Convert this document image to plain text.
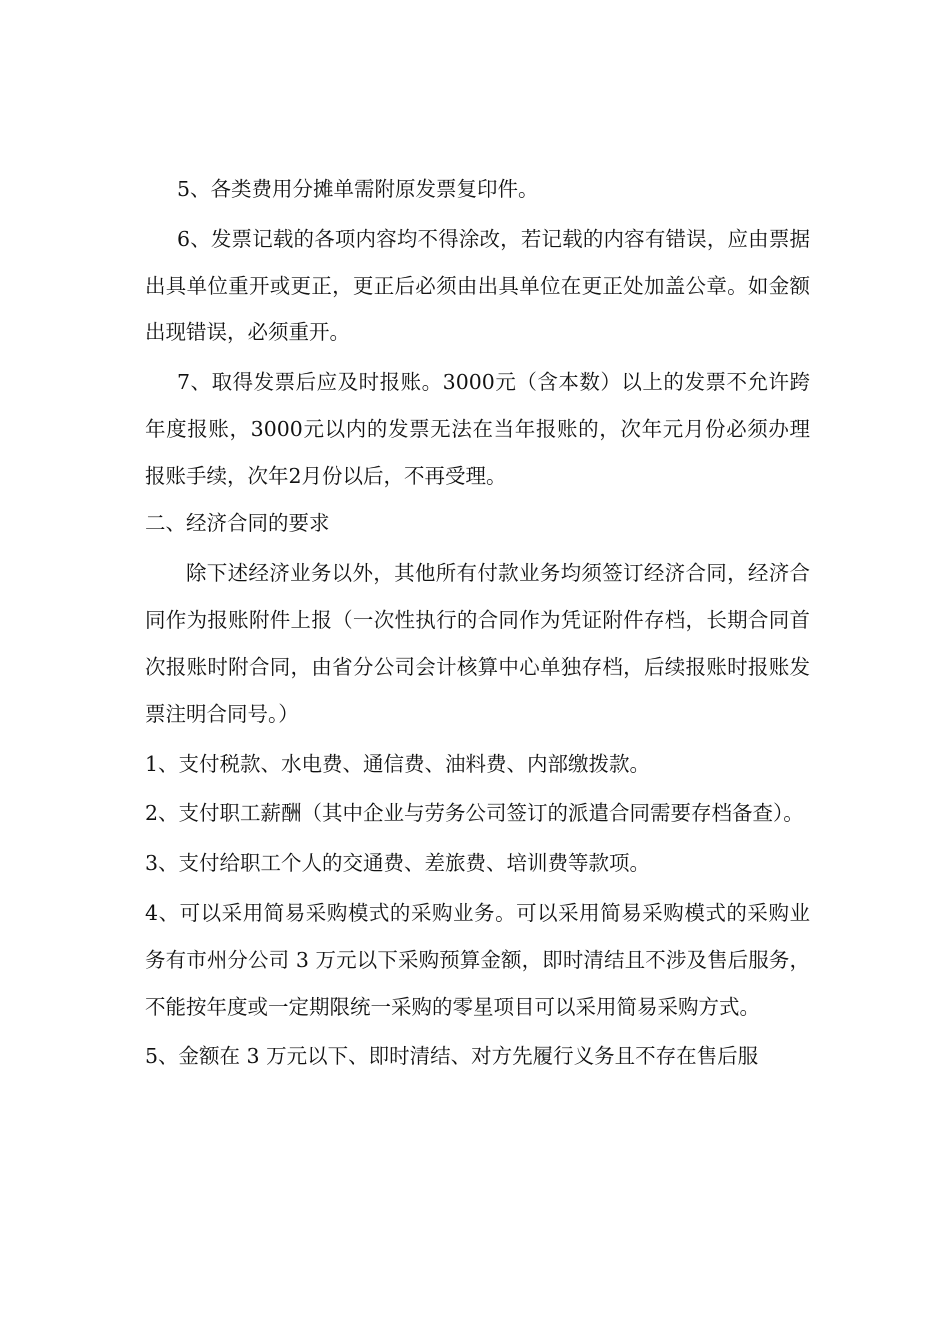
5、各类费用分摊单需附原发票复印件。

6、发票记载的各项内容均不得涂改，若记载的内容有错误，应由票据出具单位重开或更正，更正后必须由出具单位在更正处加盖公章。如金额出现错误，必须重开。

7、取得发票后应及时报账。3000元（含本数）以上的发票不允许跨年度报账，3000元以内的发票无法在当年报账的，次年元月份必须办理报账手续，次年2月份以后，不再受理。

二、经济合同的要求

除下述经济业务以外，其他所有付款业务均须签订经济合同，经济合同作为报账附件上报（一次性执行的合同作为凭证附件存档，长期合同首次报账时附合同，由省分公司会计核算中心单独存档，后续报账时报账发票注明合同号。）

1、支付税款、水电费、通信费、油料费、内部缴拨款。

2、支付职工薪酬（其中企业与劳务公司签订的派遣合同需要存档备查）。

3、支付给职工个人的交通费、差旅费、培训费等款项。

4、可以采用简易采购模式的采购业务。可以采用简易采购模式的采购业务有市州分公司 3 万元以下采购预算金额，即时清结且不涉及售后服务，不能按年度或一定期限统一采购的零星项目可以采用简易采购方式。

5、金额在 3 万元以下、即时清结、对方先履行义务且不存在售后服
